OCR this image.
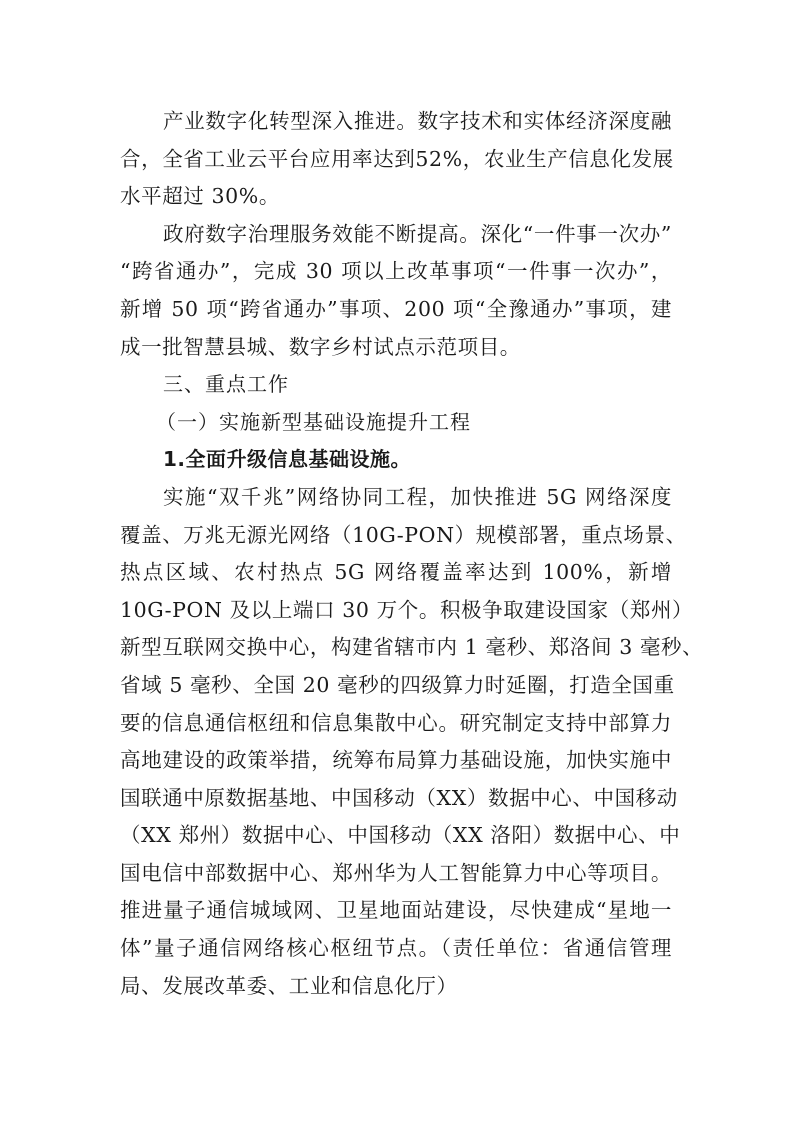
产业数字化转型深入推进。数字技术和实体经济深度融
合，全省工业云平台应用率达到52%，农业生产信息化发展
水平超过 30%。
政府数字治理服务效能不断提高。深化“一件事一次办”
“跨省通办”，完成 30 项以上改革事项“一件事一次办”，
新增 50 项“跨省通办”事项、200 项“全豫通办”事项，建
成一批智慧县城、数字乡村试点示范项目。
三、重点工作
（一）实施新型基础设施提升工程
1.全面升级信息基础设施。
实施“双千兆”网络协同工程，加快推进 5G 网络深度
覆盖、万兆无源光网络（10G-PON）规模部署，重点场景、
热点区域、农村热点 5G 网络覆盖率达到 100%，新增
10G-PON 及以上端口 30 万个。积极争取建设国家（郑州）
新型互联网交换中心，构建省辖市内 1 毫秒、郑洛间 3 毫秒、
省域 5 毫秒、全国 20 毫秒的四级算力时延圈，打造全国重
要的信息通信枢纽和信息集散中心。研究制定支持中部算力
高地建设的政策举措，统筹布局算力基础设施，加快实施中
国联通中原数据基地、中国移动（XX）数据中心、中国移动
（XX 郑州）数据中心、中国移动（XX 洛阳）数据中心、中
国电信中部数据中心、郑州华为人工智能算力中心等项目。
推进量子通信城域网、卫星地面站建设，尽快建成“星地一
体”量子通信网络核心枢纽节点。（责任单位：省通信管理
局、发展改革委、工业和信息化厅）
